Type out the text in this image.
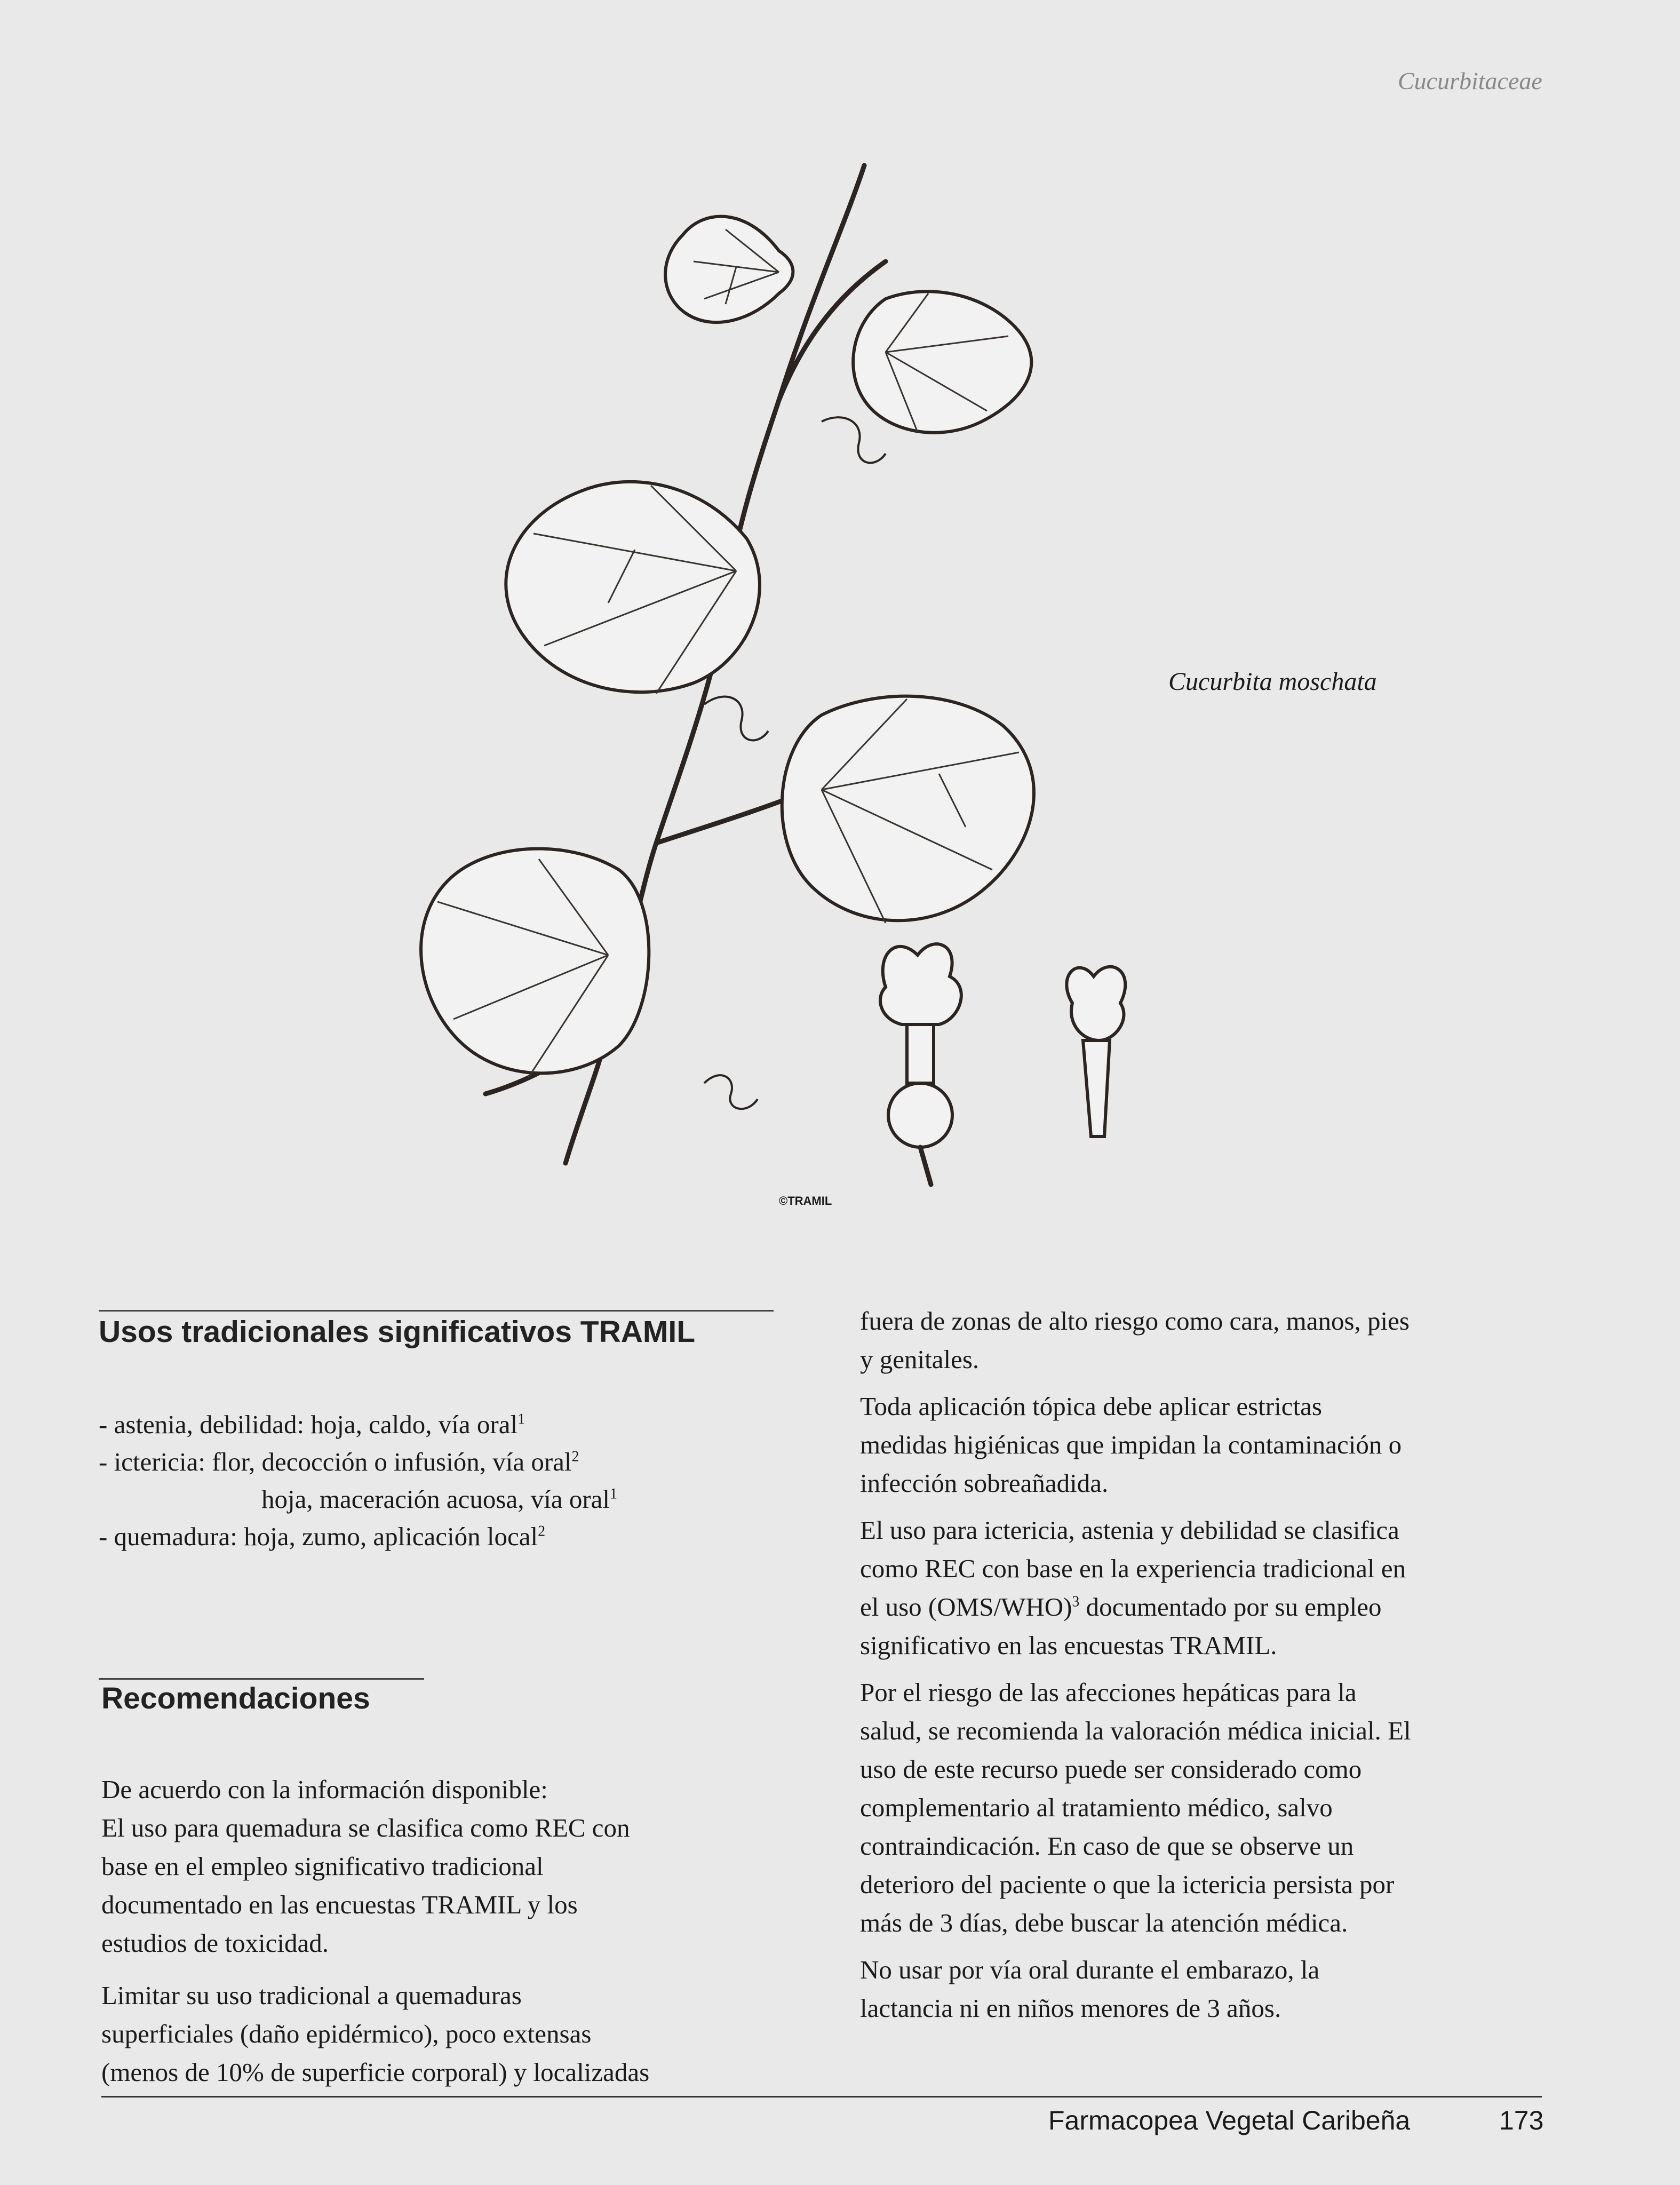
Cucurbitaceae
Cucurbita moschata
©TRAMIL
Usos tradicionales significativos TRAMIL
- astenia, debilidad: hoja, caldo, vía oral$^1$
- ictericia: flor, decocción o infusión, vía oral$^2$
hoja, maceración acuosa, vía oral$^1$
- quemadura: hoja, zumo, aplicación local$^2$
Recomendaciones
De acuerdo con la información disponible:
El uso para quemadura se clasifica como REC con
base en el empleo significativo tradicional
documentado en las encuestas TRAMIL y los
estudios de toxicidad.
Limitar su uso tradicional a quemaduras
superficiales (daño epidérmico), poco extensas
(menos de 10% de superficie corporal) y localizadas
fuera de zonas de alto riesgo como cara, manos, pies
y genitales.
Toda aplicación tópica debe aplicar estrictas
medidas higiénicas que impidan la contaminación o
infección sobreañadida.
El uso para ictericia, astenia y debilidad se clasifica
como REC con base en la experiencia tradicional en
el uso $(OMS/WHO)^3$ documentado por su empleo
significativo en las encuestas TRAMIL.
Por el riesgo de las afecciones hepáticas para la
salud, se recomienda la valoración médica inicial. El
uso de este recurso puede ser considerado como
complementario al tratamiento médico, salvo
contraindicación. En caso de que se observe un
deterioro del paciente o que la ictericia persista por
más de 3 días, debe buscar la atención médica.
No usar por vía oral durante el embarazo, la
lactancia ni en niños menores de 3 años.
Farmacopea Vegetal Caribeña	173
